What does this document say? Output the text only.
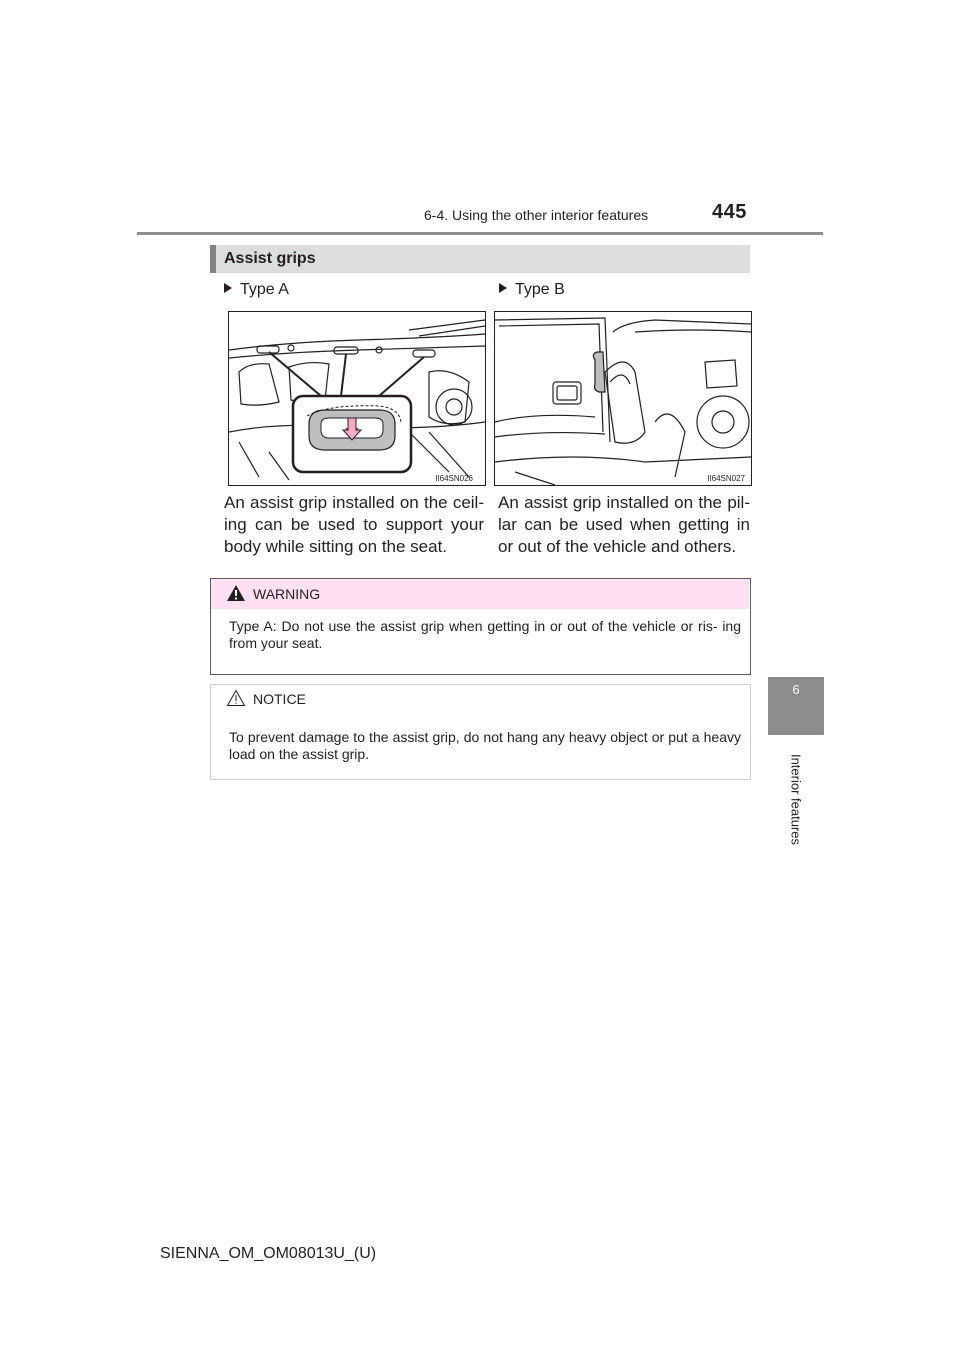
6-4. Using the other interior features	445
6
Interior features
Assist grips
Type A
II64SN026
An assist grip installed on the ceil- ing can be used to support your body while sitting on the seat.
Type B
II64SN027
An assist grip installed on the pil- lar can be used when getting in or out of the vehicle and others.
WARNING
Type A: Do not use the assist grip when getting in or out of the vehicle or ris- ing from your seat.
NOTICE
To prevent damage to the assist grip, do not hang any heavy object or put a heavy load on the assist grip.
SIENNA_OM_OM08013U_(U)
